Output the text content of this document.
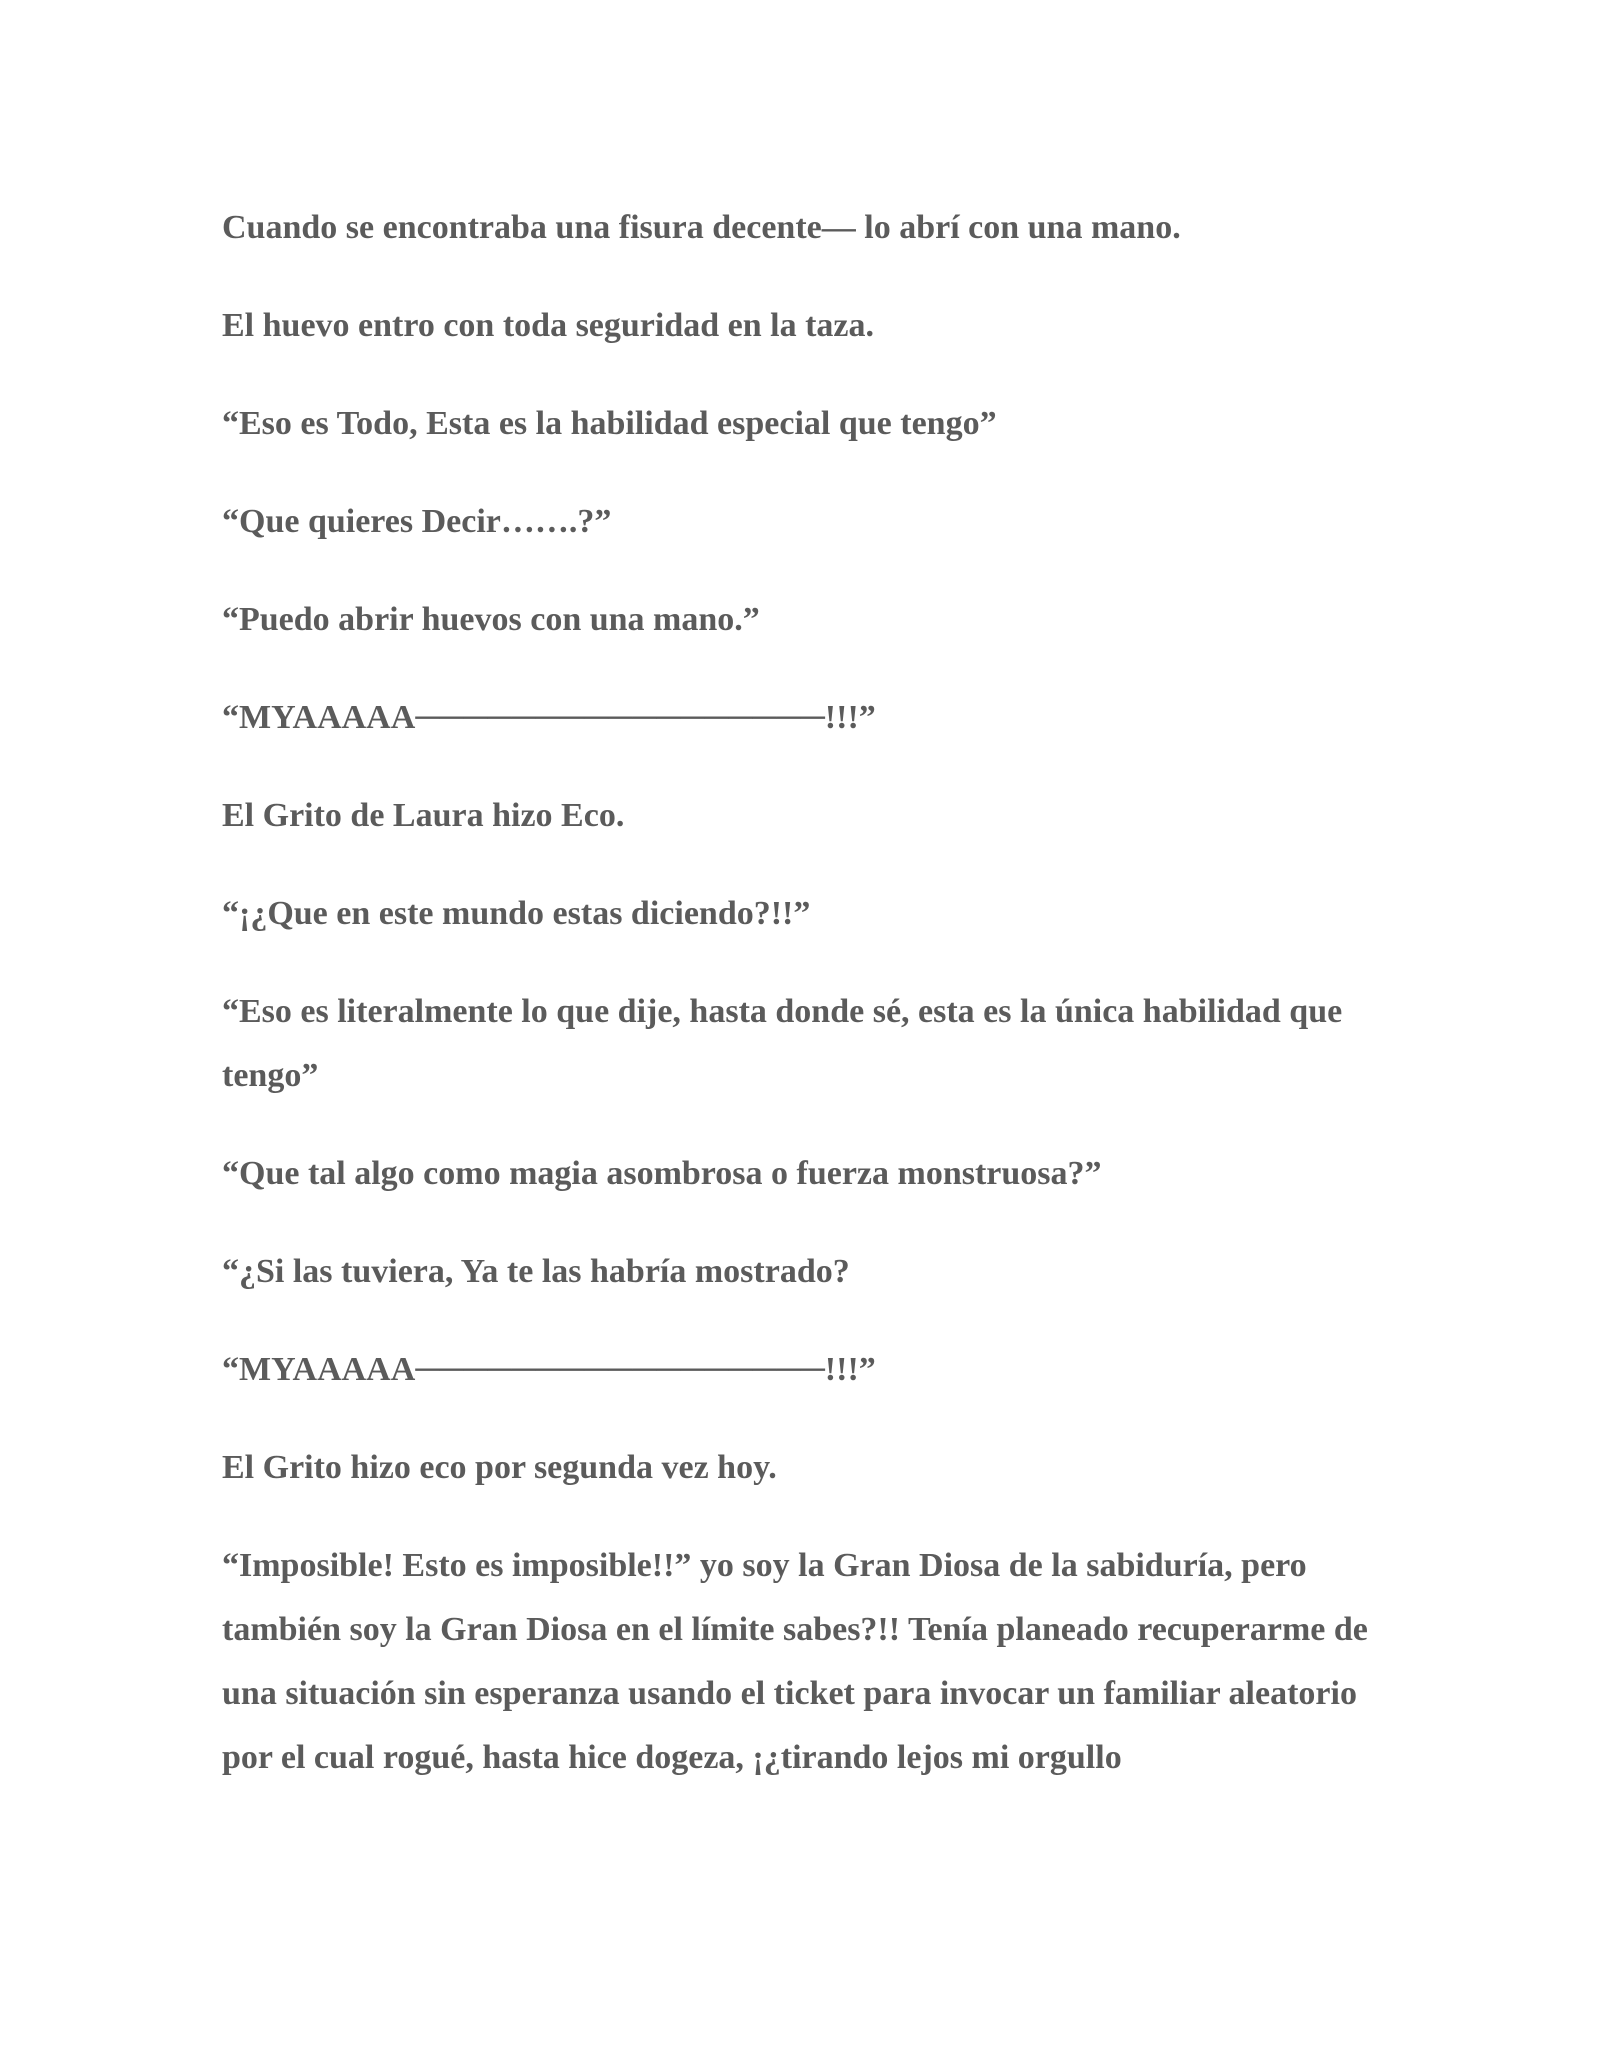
Cuando se encontraba una fisura decente— lo abrí con una mano.

El huevo entro con toda seguridad en la taza.

“Eso es Todo, Esta es la habilidad especial que tengo”

“Que quieres Decir…….?”

“Puedo abrir huevos con una mano.”

“MYAAAAA─────────────────!!!”

El Grito de Laura hizo Eco.

“¡¿Que en este mundo estas diciendo?!!”

“Eso es literalmente lo que dije, hasta donde sé, esta es la única habilidad que tengo”

“Que tal algo como magia asombrosa o fuerza monstruosa?”

“¿Si las tuviera, Ya te las habría mostrado?

“MYAAAAA─────────────────!!!”

El Grito hizo eco por segunda vez hoy.

“Imposible! Esto es imposible!!” yo soy la Gran Diosa de la sabiduría, pero también soy la Gran Diosa en el límite sabes?!! Tenía planeado recuperarme de una situación sin esperanza usando el ticket para invocar un familiar aleatorio por el cual rogué, hasta hice dogeza, ¡¿tirando lejos mi orgullo
